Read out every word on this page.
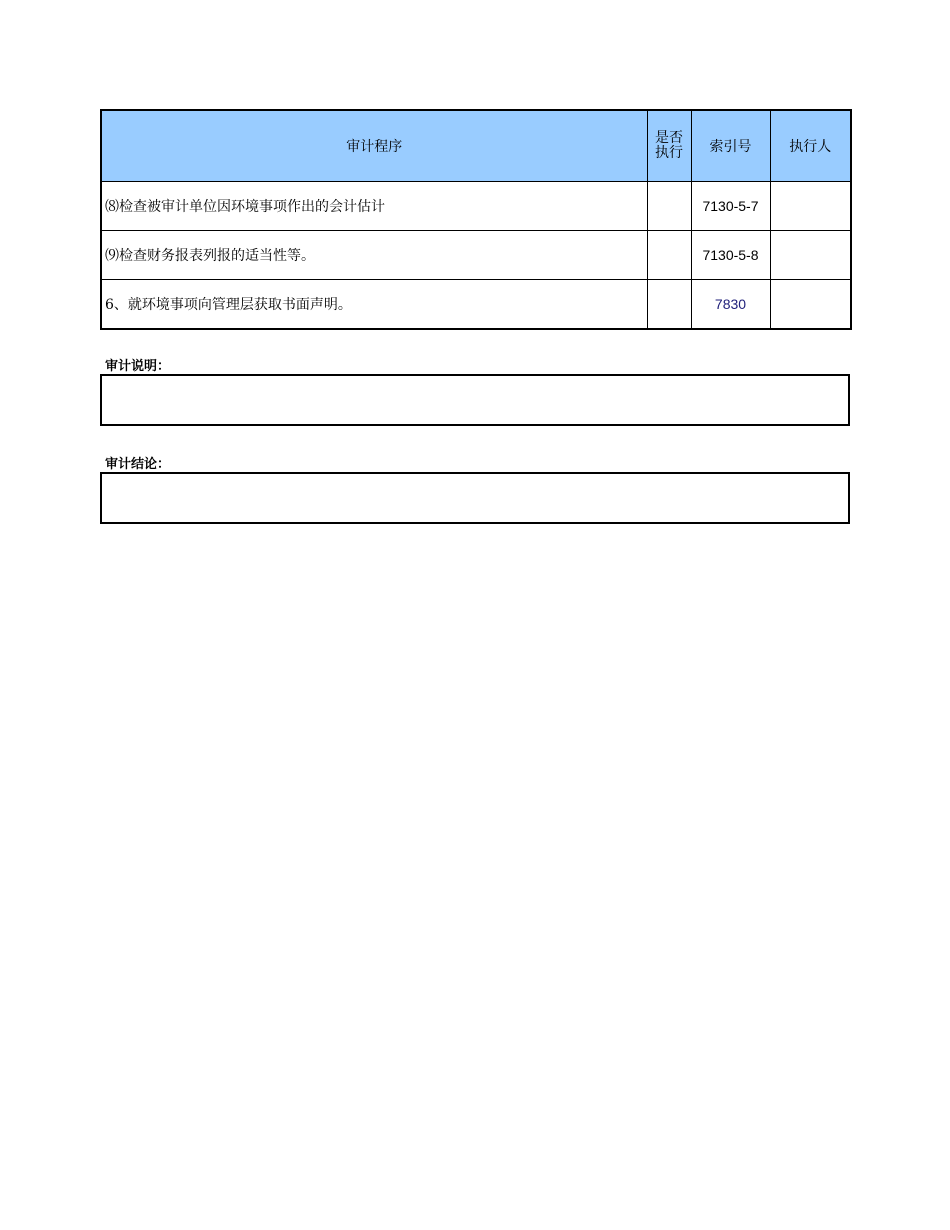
审计程序	是否执行	索引号	执行人
⑻检查被审计单位因环境事项作出的会计估计		7130-5-7	
⑼检查财务报表列报的适当性等。		7130-5-8	
6、就环境事项向管理层获取书面声明。		7830	
审计说明：
审计结论：
